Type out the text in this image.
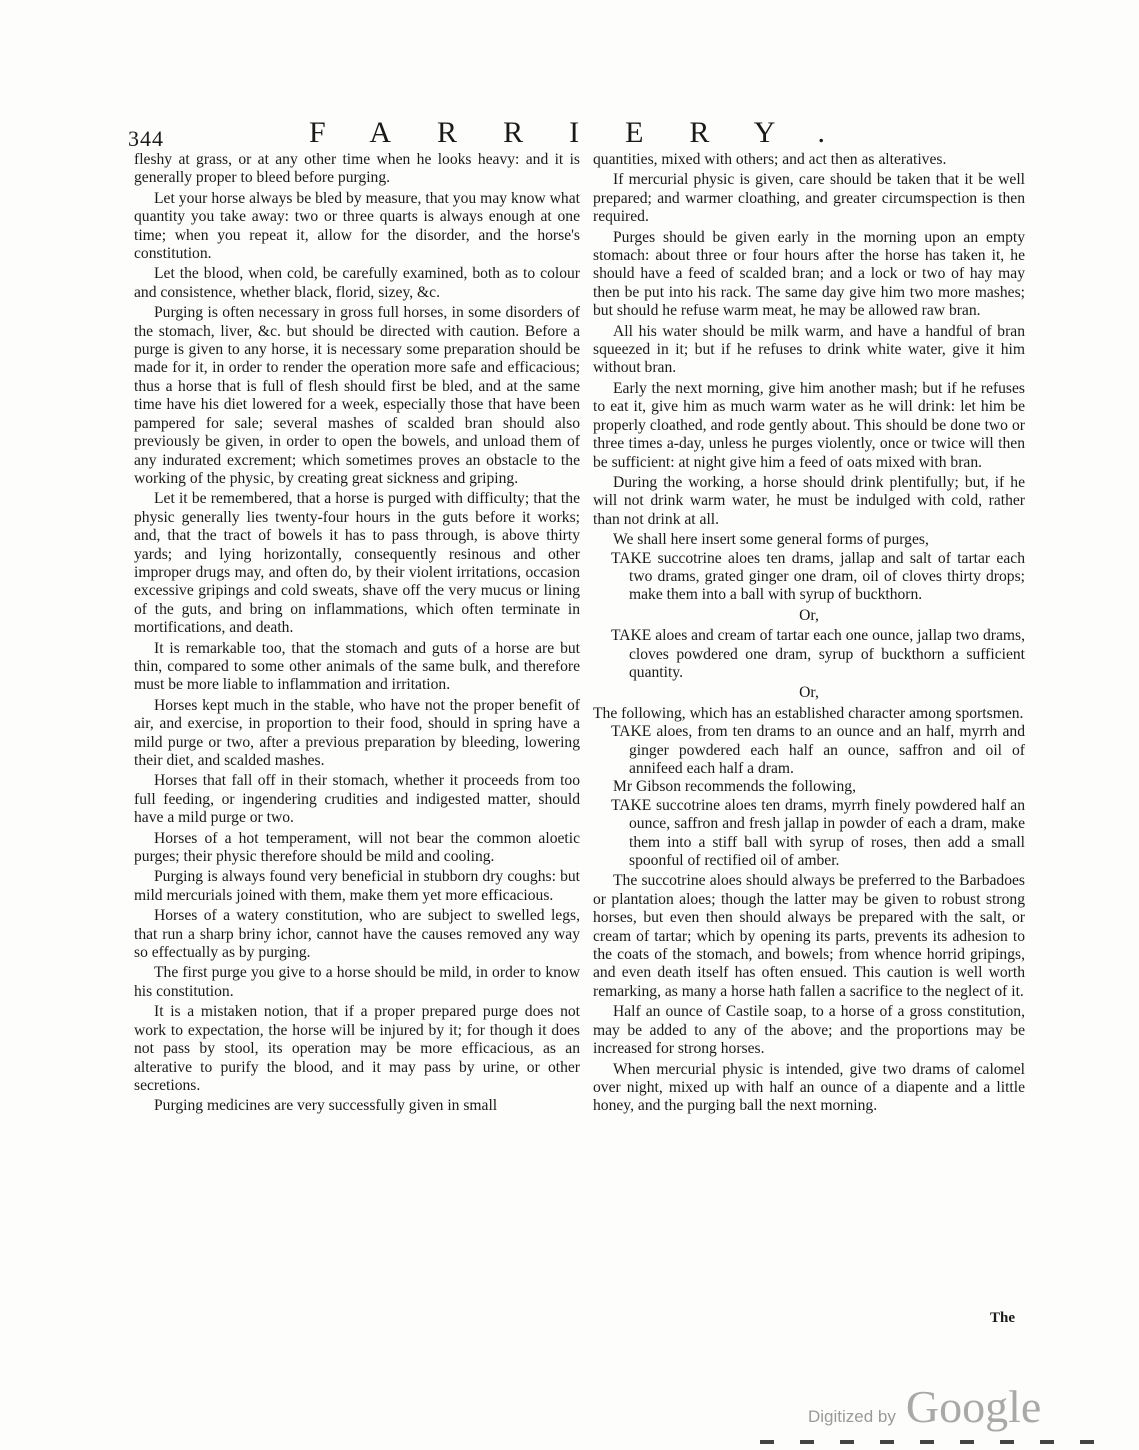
344	FARRIERY.

fleshy at grass, or at any other time when he looks heavy: and it is generally proper to bleed before purging.

Let your horse always be bled by measure, that you may know what quantity you take away: two or three quarts is always enough at one time; when you repeat it, allow for the disorder, and the horse's constitution.

Let the blood, when cold, be carefully examined, both as to colour and consistence, whether black, florid, sizey, &c.

Purging is often necessary in gross full horses, in some disorders of the stomach, liver, &c. but should be directed with caution. Before a purge is given to any horse, it is necessary some preparation should be made for it, in order to render the operation more safe and efficacious; thus a horse that is full of flesh should first be bled, and at the same time have his diet lowered for a week, especially those that have been pampered for sale; several mashes of scalded bran should also previously be given, in order to open the bowels, and unload them of any indurated excrement; which sometimes proves an obstacle to the working of the physic, by creating great sickness and griping.

Let it be remembered, that a horse is purged with difficulty; that the physic generally lies twenty-four hours in the guts before it works; and, that the tract of bowels it has to pass through, is above thirty yards; and lying horizontally, consequently resinous and other improper drugs may, and often do, by their violent irritations, occasion excessive gripings and cold sweats, shave off the very mucus or lining of the guts, and bring on inflammations, which often terminate in mortifications, and death.

It is remarkable too, that the stomach and guts of a horse are but thin, compared to some other animals of the same bulk, and therefore must be more liable to inflammation and irritation.

Horses kept much in the stable, who have not the proper benefit of air, and exercise, in proportion to their food, should in spring have a mild purge or two, after a previous preparation by bleeding, lowering their diet, and scalded mashes.

Horses that fall off in their stomach, whether it proceeds from too full feeding, or ingendering crudities and indigested matter, should have a mild purge or two.

Horses of a hot temperament, will not bear the common aloetic purges; their physic therefore should be mild and cooling.

Purging is always found very beneficial in stubborn dry coughs: but mild mercurials joined with them, make them yet more efficacious.

Horses of a watery constitution, who are subject to swelled legs, that run a sharp briny ichor, cannot have the causes removed any way so effectually as by purging.

The first purge you give to a horse should be mild, in order to know his constitution.

It is a mistaken notion, that if a proper prepared purge does not work to expectation, the horse will be injured by it; for though it does not pass by stool, its operation may be more efficacious, as an alterative to purify the blood, and it may pass by urine, or other secretions.

Purging medicines are very successfully given in small

quantities, mixed with others; and act then as alteratives.

If mercurial physic is given, care should be taken that it be well prepared; and warmer cloathing, and greater circumspection is then required.

Purges should be given early in the morning upon an empty stomach: about three or four hours after the horse has taken it, he should have a feed of scalded bran; and a lock or two of hay may then be put into his rack. The same day give him two more mashes; but should he refuse warm meat, he may be allowed raw bran.

All his water should be milk warm, and have a handful of bran squeezed in it; but if he refuses to drink white water, give it him without bran.

Early the next morning, give him another mash; but if he refuses to eat it, give him as much warm water as he will drink: let him be properly cloathed, and rode gently about. This should be done two or three times a-day, unless he purges violently, once or twice will then be sufficient: at night give him a feed of oats mixed with bran.

During the working, a horse should drink plentifully; but, if he will not drink warm water, he must be indulged with cold, rather than not drink at all.

We shall here insert some general forms of purges,

TAKE succotrine aloes ten drams, jallap and salt of tartar each two drams, grated ginger one dram, oil of cloves thirty drops; make them into a ball with syrup of buckthorn.

Or,

TAKE aloes and cream of tartar each one ounce, jallap two drams, cloves powdered one dram, syrup of buckthorn a sufficient quantity.

Or,

The following, which has an established character among sportsmen.

TAKE aloes, from ten drams to an ounce and an half, myrrh and ginger powdered each half an ounce, saffron and oil of annifeed each half a dram.

Mr Gibson recommends the following,

TAKE succotrine aloes ten drams, myrrh finely powdered half an ounce, saffron and fresh jallap in powder of each a dram, make them into a stiff ball with syrup of roses, then add a small spoonful of rectified oil of amber.

The succotrine aloes should always be preferred to the Barbadoes or plantation aloes; though the latter may be given to robust strong horses, but even then should always be prepared with the salt, or cream of tartar; which by opening its parts, prevents its adhesion to the coats of the stomach, and bowels; from whence horrid gripings, and even death itself has often ensued. This caution is well worth remarking, as many a horse hath fallen a sacrifice to the neglect of it.

Half an ounce of Castile soap, to a horse of a gross constitution, may be added to any of the above; and the proportions may be increased for strong horses.

When mercurial physic is intended, give two drams of calomel over night, mixed up with half an ounce of a diapente and a little honey, and the purging ball the next morning.

The
Digitized by Google
